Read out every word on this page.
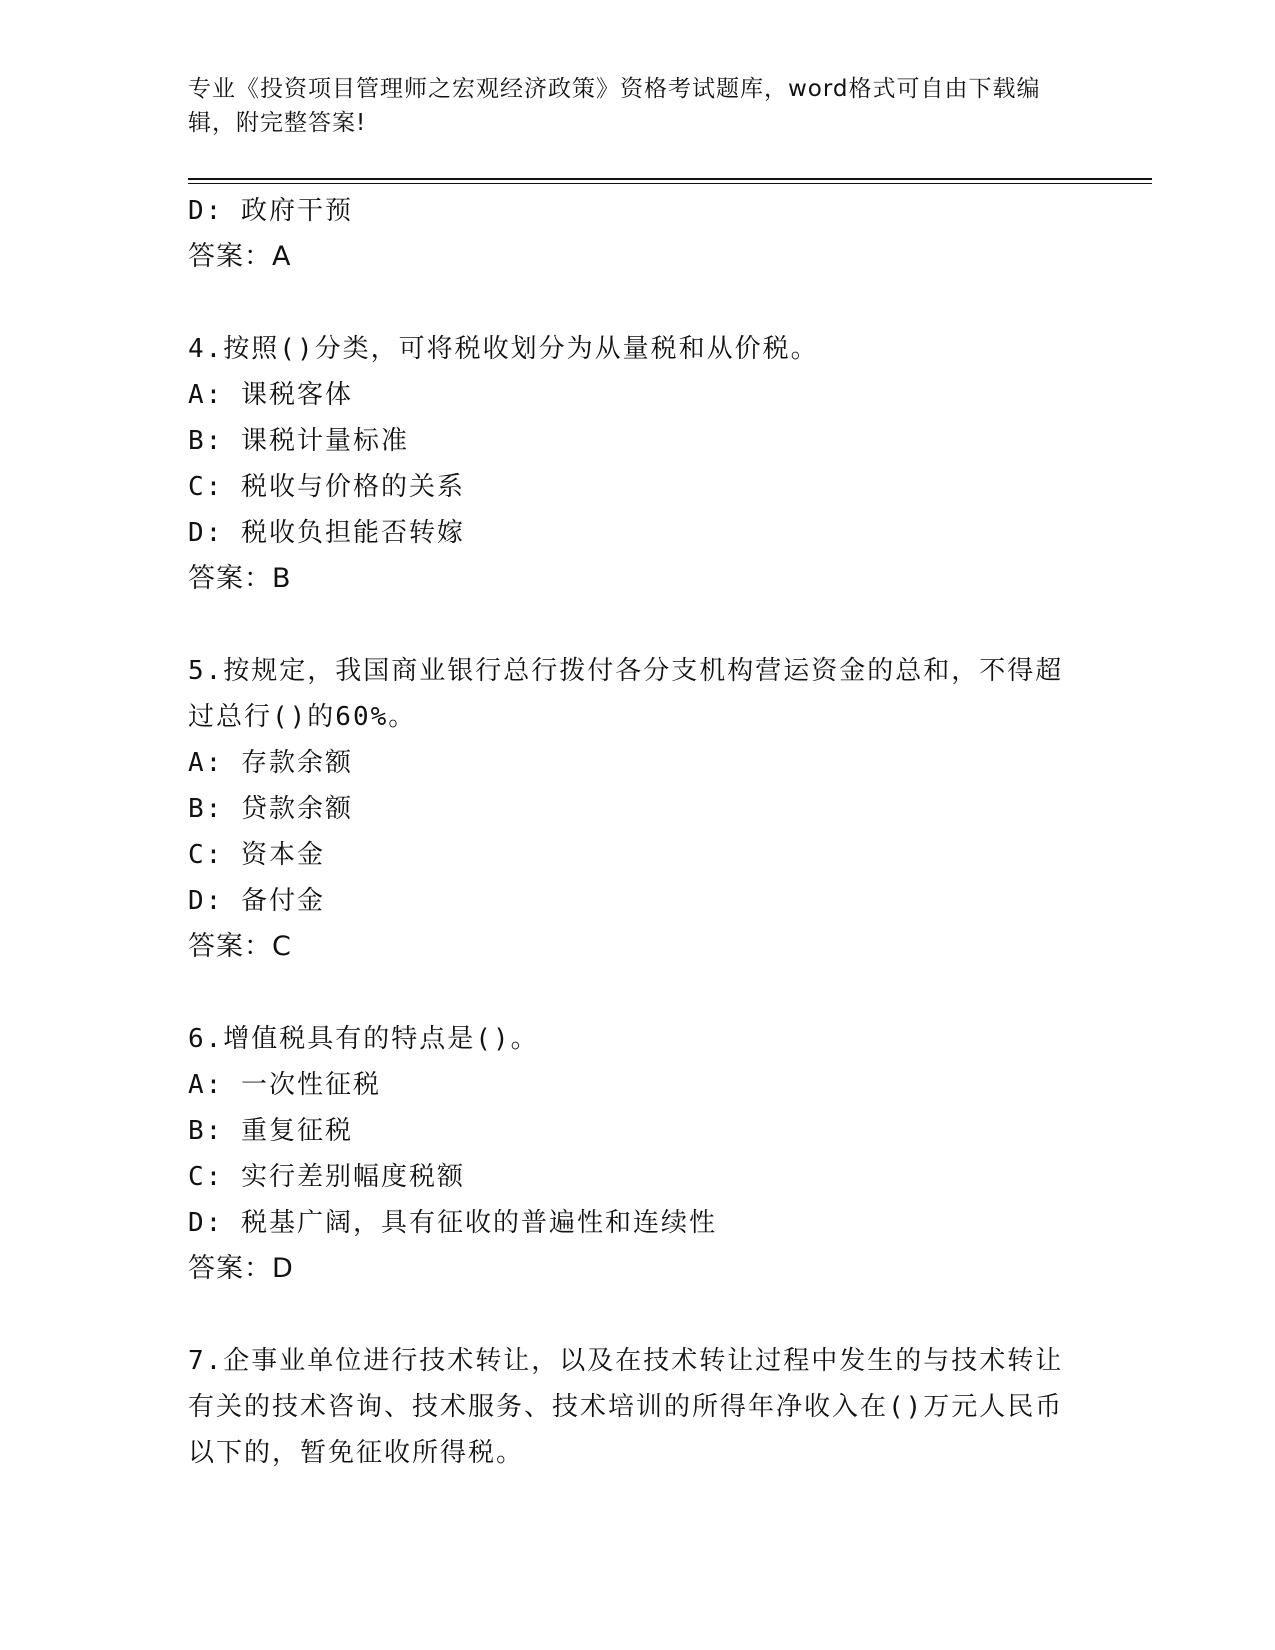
专业《投资项目管理师之宏观经济政策》资格考试题库，word格式可自由下载编辑，附完整答案!
D: 政府干预
答案：A
4.按照()分类，可将税收划分为从量税和从价税。
A: 课税客体
B: 课税计量标准
C: 税收与价格的关系
D: 税收负担能否转嫁
答案：B
5.按规定，我国商业银行总行拨付各分支机构营运资金的总和，不得超过总行()的60%。
A: 存款余额
B: 贷款余额
C: 资本金
D: 备付金
答案：C
6.增值税具有的特点是()。
A: 一次性征税
B: 重复征税
C: 实行差别幅度税额
D: 税基广阔，具有征收的普遍性和连续性
答案：D
7.企事业单位进行技术转让，以及在技术转让过程中发生的与技术转让有关的技术咨询、技术服务、技术培训的所得年净收入在()万元人民币以下的，暂免征收所得税。
